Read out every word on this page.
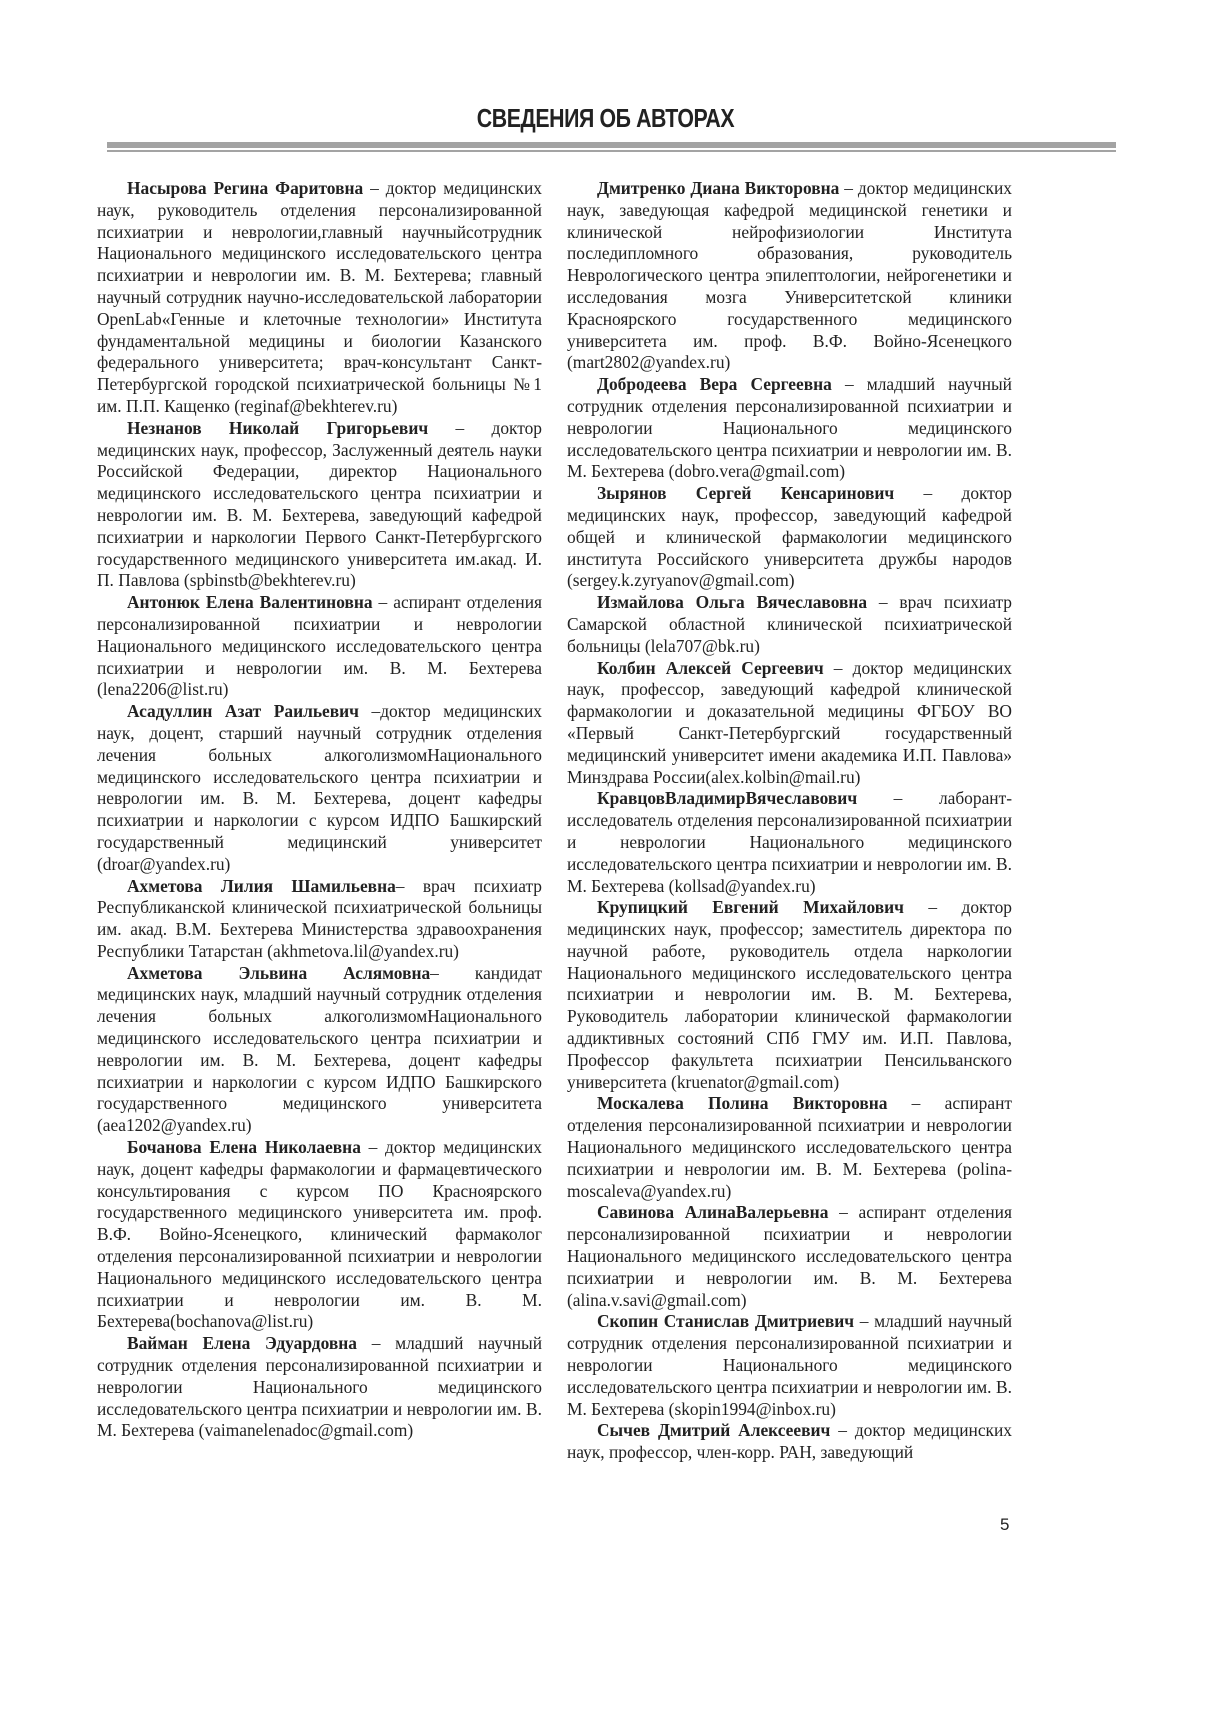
СВЕДЕНИЯ ОБ АВТОРАХ

Насырова Регина Фаритовна – доктор медицинских наук, руководитель отделения персонализированной психиатрии и неврологии,главный научныйсотрудник Национального медицинского исследовательского центра психиатрии и неврологии им. В. М. Бехтерева; главный научный сотрудник научно-исследовательской лаборатории OpenLab«Генные и клеточные технологии» Института фундаментальной медицины и биологии Казанского федерального университета; врач-консультант Санкт-Петербургской городской психиатрической больницы №1 им. П.П. Кащенко (reginaf@bekhterev.ru)

Незнанов Николай Григорьевич – доктор медицинских наук, профессор, Заслуженный деятель науки Российской Федерации, директор Национального медицинского исследовательского центра психиатрии и неврологии им. В. М. Бехтерева, заведующий кафедрой психиатрии и наркологии Первого Санкт-Петербургского государственного медицинского университета им.акад. И. П. Павлова (spbinstb@bekhterev.ru)

Антонюк Елена Валентиновна – аспирант отделения персонализированной психиатрии и неврологии Национального медицинского исследовательского центра психиатрии и неврологии им. В. М. Бехтерева (lena2206@list.ru)

Асадуллин Азат Раильевич –доктор медицинских наук, доцент, старший научный сотрудник отделения лечения больных алкоголизмомНационального медицинского исследовательского центра психиатрии и неврологии им. В. М. Бехтерева, доцент кафедры психиатрии и наркологии с курсом ИДПО Башкирский государственный медицинский университет (droar@yandex.ru)

Ахметова Лилия Шамильевна– врач психиатр Республиканской клинической психиатрической больницы им. акад. В.М. Бехтерева Министерства здравоохранения Республики Татарстан (akhmetova.lil@yandex.ru)

Ахметова Эльвина Аслямовна– кандидат медицинских наук, младший научный сотрудник отделения лечения больных алкоголизмомНационального медицинского исследовательского центра психиатрии и неврологии им. В. М. Бехтерева, доцент кафедры психиатрии и наркологии с курсом ИДПО Башкирского государственного медицинского университета (aea1202@yandex.ru)

Бочанова Елена Николаевна – доктор медицинских наук, доцент кафедры фармакологии и фармацевтического консультирования с курсом ПО Красноярского государственного медицинского университета им. проф. В.Ф. Войно-Ясенецкого, клинический фармаколог отделения персонализированной психиатрии и неврологии Национального медицинского исследовательского центра психиатрии и неврологии им. В. М. Бехтерева(bochanova@list.ru)

Вайман Елена Эдуардовна – младший научный сотрудник отделения персонализированной психиатрии и неврологии Национального медицинского исследовательского центра психиатрии и неврологии им. В. М. Бехтерева (vaimanelenadoc@gmail.com)

Дмитренко Диана Викторовна – доктор медицинских наук, заведующая кафедрой медицинской генетики и клинической нейрофизиологии Института последипломного образования, руководитель Неврологического центра эпилептологии, нейрогенетики и исследования мозга Университетской клиники Красноярского государственного медицинского университета им. проф. В.Ф. Войно-Ясенецкого (mart2802@yandex.ru)

Добродеева Вера Сергеевна – младший научный сотрудник отделения персонализированной психиатрии и неврологии Национального медицинского исследовательского центра психиатрии и неврологии им. В. М. Бехтерева (dobro.vera@gmail.com)

Зырянов Сергей Кенсаринович – доктор медицинских наук, профессор, заведующий кафедрой общей и клинической фармакологии медицинского института Российского университета дружбы народов (sergey.k.zyryanov@gmail.com)

Измайлова Ольга Вячеславовна – врач психиатр Самарской областной клинической психиатрической больницы (lela707@bk.ru)

Колбин Алексей Сергеевич – доктор медицинских наук, профессор, заведующий кафедрой клинической фармакологии и доказательной медицины ФГБОУ ВО «Первый Санкт-Петербургский государственный медицинский университет имени академика И.П. Павлова» Минздрава России(alex.kolbin@mail.ru)

КравцовВладимирВячеславович – лаборант-исследователь отделения персонализированной психиатрии и неврологии Национального медицинского исследовательского центра психиатрии и неврологии им. В. М. Бехтерева (kollsad@yandex.ru)

Крупицкий Евгений Михайлович – доктор медицинских наук, профессор; заместитель директора по научной работе, руководитель отдела наркологии Национального медицинского исследовательского центра психиатрии и неврологии им. В. М. Бехтерева, Руководитель лаборатории клинической фармакологии аддиктивных состояний СПб ГМУ им. И.П. Павлова, Профессор факультета психиатрии Пенсильванского университета (kruenator@gmail.com)

Москалева Полина Викторовна – аспирант отделения персонализированной психиатрии и неврологии Национального медицинского исследовательского центра психиатрии и неврологии им. В. М. Бехтерева (polina-moscaleva@yandex.ru)

Савинова АлинаВалерьевна – аспирант отделения персонализированной психиатрии и неврологии Национального медицинского исследовательского центра психиатрии и неврологии им. В. М. Бехтерева (alina.v.savi@gmail.com)

Скопин Станислав Дмитриевич – младший научный сотрудник отделения персонализированной психиатрии и неврологии Национального медицинского исследовательского центра психиатрии и неврологии им. В. М. Бехтерева (skopin1994@inbox.ru)

Сычев Дмитрий Алексеевич – доктор медицинских наук, профессор, член-корр. РАН, заведующий

5
